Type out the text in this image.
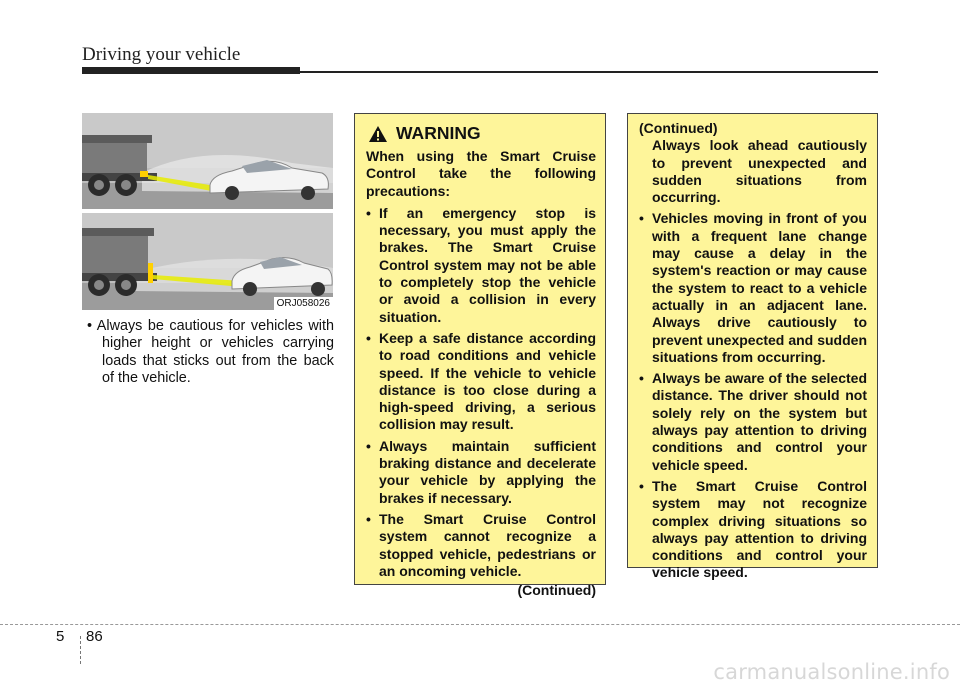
Driving your vehicle
ORJ058026
• Always be cautious for vehicles with higher height or vehicles carrying loads that sticks out from the back of the vehicle.
WARNING
When using the Smart Cruise Control take the following precautions:
• If an emergency stop is necessary, you must apply the brakes. The Smart Cruise Control system may not be able to completely stop the vehicle or avoid a collision in every situation.
• Keep a safe distance according to road conditions and vehicle speed. If the vehicle to vehicle distance is too close during a high-speed driving, a serious collision may result.
• Always maintain sufficient braking distance and decelerate your vehicle by applying the brakes if necessary.
• The Smart Cruise Control system cannot recognize a stopped vehicle, pedestrians or an oncoming vehicle.
(Continued)
(Continued)
Always look ahead cautiously to prevent unexpected and sudden situations from occurring.
• Vehicles moving in front of you with a frequent lane change may cause a delay in the system's reaction or may cause the system to react to a vehicle actually in an adjacent lane. Always drive cautiously to prevent unexpected and sudden situations from occurring.
• Always be aware of the selected distance. The driver should not solely rely on the system but always pay attention to driving conditions and control your vehicle speed.
• The Smart Cruise Control system may not recognize complex driving situations so always pay attention to driving conditions and control your vehicle speed.
5 86
carmanualsonline.info
